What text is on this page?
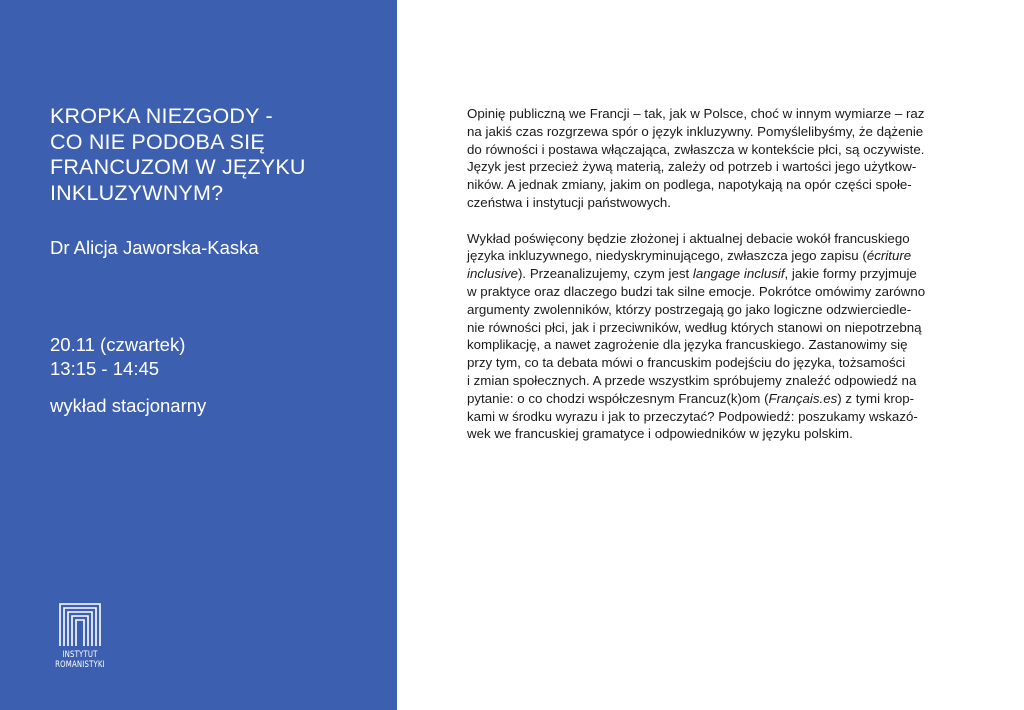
KROPKA NIEZGODY -
CO NIE PODOBA SIĘ
FRANCUZOM W JĘZYKU
INKLUZYWNYM?

Dr Alicja Jaworska-Kaska

20.11 (czwartek)

13:15 - 14:45

wykład stacjonarny

INSTYTUT
ROMANISTYKI

Opinię publiczną we Francji – tak, jak w Polsce, choć w innym wymiarze – raz
na jakiś czas rozgrzewa spór o język inkluzywny. Pomyślelibyśmy, że dążenie
do równości i postawa włączająca, zwłaszcza w kontekście płci, są oczywiste.
Język jest przecież żywą materią, zależy od potrzeb i wartości jego użytkow-
ników. A jednak zmiany, jakim on podlega, napotykają na opór części społe-
czeństwa i instytucji państwowych.

Wykład poświęcony będzie złożonej i aktualnej debacie wokół francuskiego
języka inkluzywnego, niedyskryminującego, zwłaszcza jego zapisu (écriture
inclusive). Przeanalizujemy, czym jest langage inclusif, jakie formy przyjmuje
w praktyce oraz dlaczego budzi tak silne emocje. Pokrótce omówimy zarówno
argumenty zwolenników, którzy postrzegają go jako logiczne odzwierciedle-
nie równości płci, jak i przeciwników, według których stanowi on niepotrzebną
komplikację, a nawet zagrożenie dla języka francuskiego. Zastanowimy się
przy tym, co ta debata mówi o francuskim podejściu do języka, tożsamości
i zmian społecznych. A przede wszystkim spróbujemy znaleźć odpowiedź na
pytanie: o co chodzi współczesnym Francuz(k)om (Français.es) z tymi krop-
kami w środku wyrazu i jak to przeczytać? Podpowiedź: poszukamy wskazó-
wek we francuskiej gramatyce i odpowiedników w języku polskim.
